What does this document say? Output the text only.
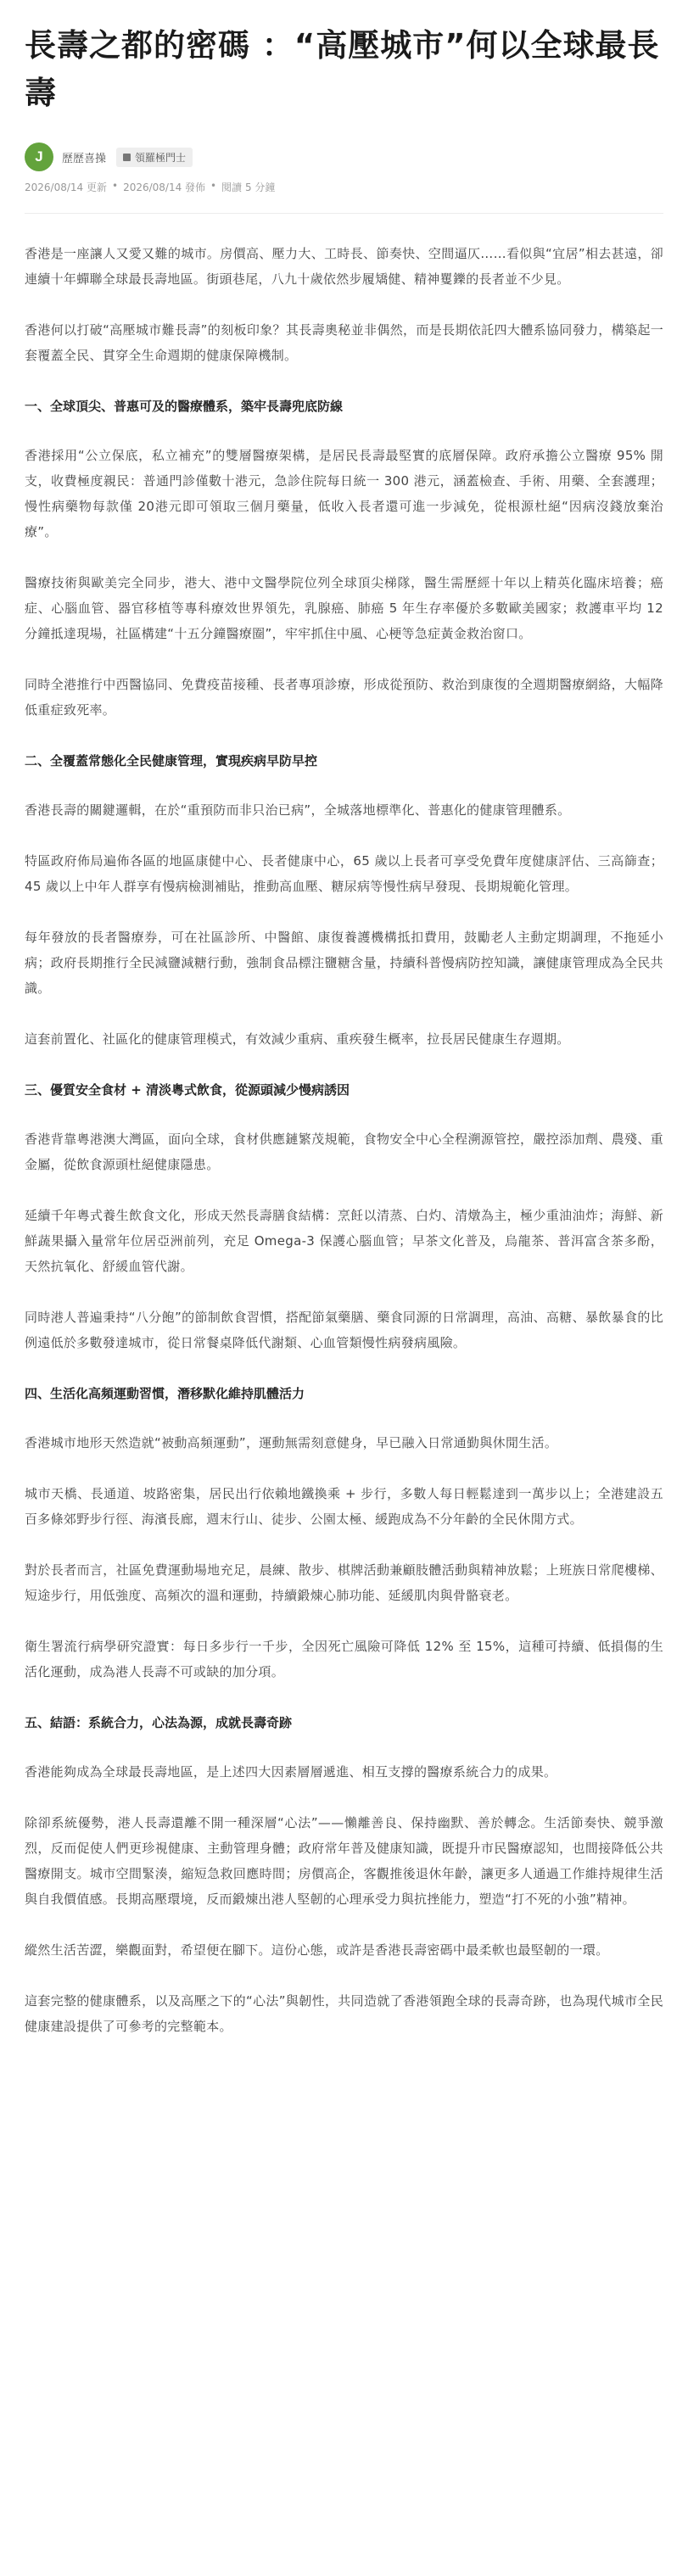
長壽之都的密碼 ：“高壓城市”何以全球最長壽
J	歷歷喜操	領羅極門士
2026/08/14 更新 • 2026/08/14 發佈 • 閱讀 5 分鐘

香港是一座讓人又愛又難的城市。房價高、壓力大、工時長、節奏快、空間逼仄……看似與“宜居”相去甚遠，卻連續十年蟬聯全球最長壽地區。街頭巷尾，八九十歲依然步履矯健、精神矍鑠的長者並不少見。

香港何以打破“高壓城市難長壽”的刻板印象？其長壽奧秘並非偶然，而是長期依託四大體系協同發力，構築起一套覆蓋全民、貫穿全生命週期的健康保障機制。

一、全球頂尖、普惠可及的醫療體系，築牢長壽兜底防線

香港採用“公立保底，私立補充”的雙層醫療架構，是居民長壽最堅實的底層保障。政府承擔公立醫療 95% 開支，收費極度親民：普通門診僅數十港元，急診住院每日統一 300 港元，涵蓋檢查、手術、用藥、全套護理；慢性病藥物每款僅 20港元即可領取三個月藥量，低收入長者還可進一步減免，從根源杜絕“因病沒錢放棄治療”。

醫療技術與歐美完全同步，港大、港中文醫學院位列全球頂尖梯隊，醫生需歷經十年以上精英化臨床培養；癌症、心腦血管、器官移植等專科療效世界領先，乳腺癌、肺癌 5 年生存率優於多數歐美國家；救護車平均 12 分鐘抵達現場，社區構建“十五分鐘醫療圈”，牢牢抓住中風、心梗等急症黃金救治窗口。

同時全港推行中西醫協同、免費疫苗接種、長者專項診療，形成從預防、救治到康復的全週期醫療網絡，大幅降低重症致死率。

二、全覆蓋常態化全民健康管理，實現疾病早防早控

香港長壽的關鍵邏輯，在於“重預防而非只治已病”，全城落地標準化、普惠化的健康管理體系。

特區政府佈局遍佈各區的地區康健中心、長者健康中心，65 歲以上長者可享受免費年度健康評估、三高篩查；45 歲以上中年人群享有慢病檢測補貼，推動高血壓、糖尿病等慢性病早發現、長期規範化管理。

每年發放的長者醫療券，可在社區診所、中醫館、康復養護機構抵扣費用，鼓勵老人主動定期調理，不拖延小病；政府長期推行全民減鹽減糖行動，強制食品標注鹽糖含量，持續科普慢病防控知識，讓健康管理成為全民共識。

這套前置化、社區化的健康管理模式，有效減少重病、重疾發生概率，拉長居民健康生存週期。

三、優質安全食材 + 清淡粵式飲食，從源頭減少慢病誘因

香港背靠粵港澳大灣區，面向全球，食材供應鏈繁茂規範，食物安全中心全程溯源管控，嚴控添加劑、農殘、重金屬，從飲食源頭杜絕健康隱患。

延續千年粵式養生飲食文化，形成天然長壽膳食結構：烹飪以清蒸、白灼、清燉為主，極少重油油炸；海鮮、新鮮蔬果攝入量常年位居亞洲前列，充足 Omega-3 保護心腦血管；早茶文化普及，烏龍茶、普洱富含茶多酚，天然抗氧化、舒緩血管代謝。

同時港人普遍秉持“八分飽”的節制飲食習慣，搭配節氣藥膳、藥食同源的日常調理，高油、高糖、暴飲暴食的比例遠低於多數發達城市，從日常餐桌降低代謝類、心血管類慢性病發病風險。

四、生活化高頻運動習慣，潛移默化維持肌體活力

香港城市地形天然造就“被動高頻運動”，運動無需刻意健身，早已融入日常通勤與休閒生活。

城市天橋、長通道、坡路密集，居民出行依賴地鐵換乘 + 步行，多數人每日輕鬆達到一萬步以上；全港建設五百多條郊野步行徑、海濱長廊，週末行山、徒步、公園太極、緩跑成為不分年齡的全民休閒方式。

對於長者而言，社區免費運動場地充足，晨練、散步、棋牌活動兼顧肢體活動與精神放鬆；上班族日常爬樓梯、短途步行，用低強度、高頻次的溫和運動，持續鍛煉心肺功能、延緩肌肉與骨骼衰老。

衛生署流行病學研究證實：每日多步行一千步，全因死亡風險可降低 12% 至 15%，這種可持續、低損傷的生活化運動，成為港人長壽不可或缺的加分項。

五、結語：系統合力，心法為源，成就長壽奇跡

香港能夠成為全球最長壽地區，是上述四大因素層層遞進、相互支撐的醫療系統合力的成果。

除卻系統優勢，港人長壽還離不開一種深層“心法”——懶離善良、保持幽默、善於轉念。生活節奏快、競爭激烈，反而促使人們更珍視健康、主動管理身體；政府常年普及健康知識，既提升市民醫療認知，也間接降低公共醫療開支。城市空間緊湊，縮短急救回應時間；房價高企，客觀推後退休年齡，讓更多人通過工作維持規律生活與自我價值感。長期高壓環境，反而鍛煉出港人堅韌的心理承受力與抗挫能力，塑造“打不死的小強”精神。

縱然生活苦澀，樂觀面對，希望便在腳下。這份心態，或許是香港長壽密碼中最柔軟也最堅韌的一環。

這套完整的健康體系，以及高壓之下的“心法”與韌性，共同造就了香港領跑全球的長壽奇跡，也為現代城市全民健康建設提供了可參考的完整範本。
